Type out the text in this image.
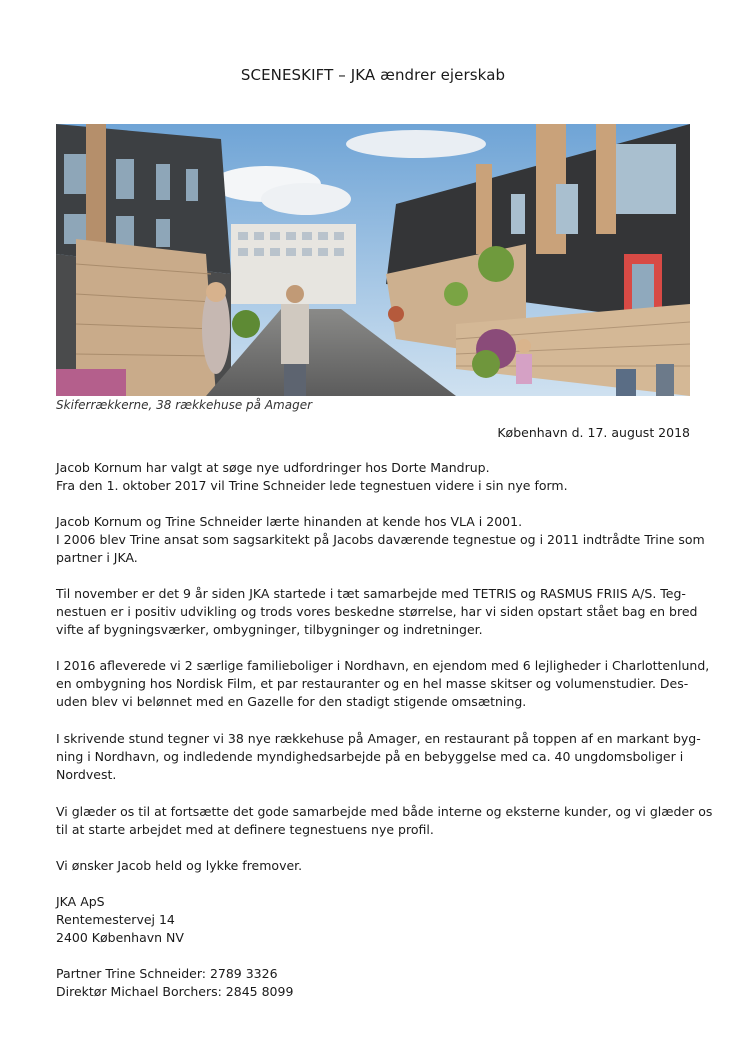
SCENESKIFT – JKA ændrer ejerskab
Skiferrækkerne, 38 rækkehuse på Amager
København d. 17. august 2018

Jacob Kornum har valgt at søge nye udfordringer hos Dorte Mandrup.

Fra den 1. oktober 2017 vil Trine Schneider lede tegnestuen videre i sin nye form.

Jacob Kornum og Trine Schneider lærte hinanden at kende hos VLA i 2001.

I 2006 blev Trine ansat som sagsarkitekt på Jacobs daværende tegnestue og i 2011 indtrådte Trine som

partner i JKA.

Til november er det 9 år siden JKA startede i tæt samarbejde med TETRIS og RASMUS FRIIS A/S. Teg-

nestuen er i positiv udvikling og trods vores beskedne størrelse, har vi siden opstart stået bag en bred

vifte af bygningsværker, ombygninger, tilbygninger og indretninger.

I 2016 afleverede vi 2 særlige familieboliger i Nordhavn, en ejendom med 6 lejligheder i Charlottenlund,

en ombygning hos Nordisk Film, et par restauranter og en hel masse skitser og volumenstudier. Des-

uden blev vi belønnet med en Gazelle for den stadigt stigende omsætning.

I skrivende stund tegner vi 38 nye rækkehuse på Amager, en restaurant på toppen af en markant byg-

ning i Nordhavn, og indledende myndighedsarbejde på en bebyggelse med ca. 40 ungdomsboliger i

Nordvest.

Vi glæder os til at fortsætte det gode samarbejde med både interne og eksterne kunder, og vi glæder os

til at starte arbejdet med at definere tegnestuens nye profil.

Vi ønsker Jacob held og lykke fremover.

JKA ApS

Rentemestervej 14

2400 København NV

Partner Trine Schneider: 2789 3326

Direktør Michael Borchers: 2845 8099
